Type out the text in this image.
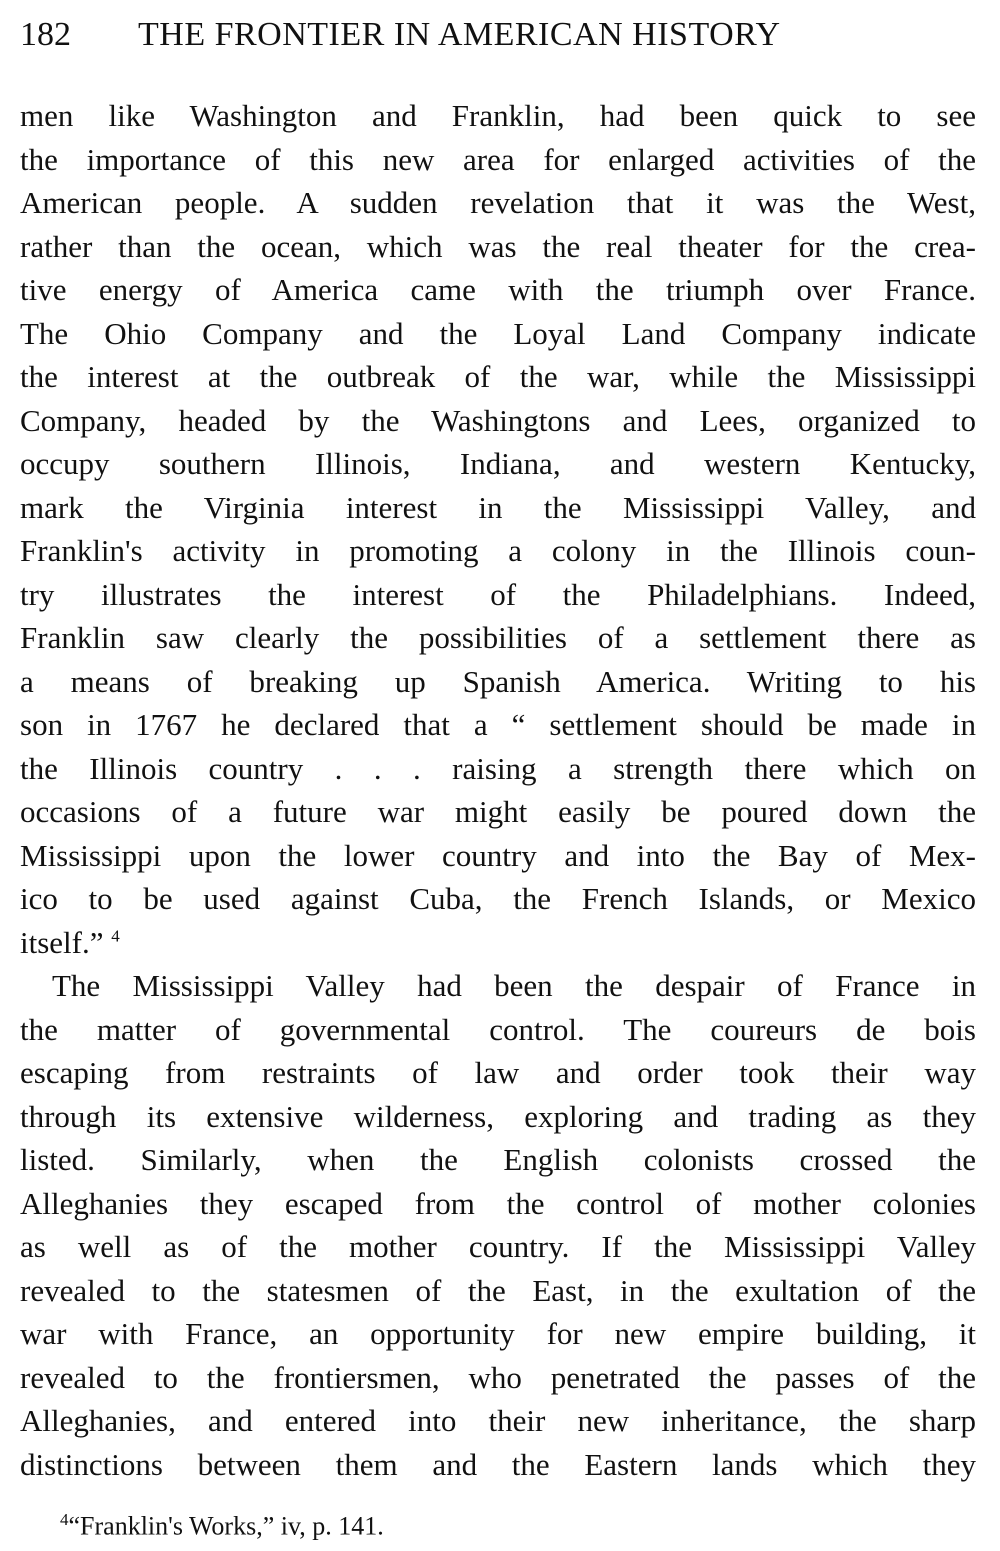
182 THE FRONTIER IN AMERICAN HISTORY
men like Washington and Franklin, had been quick to see
the importance of this new area for enlarged activities of the
American people. A sudden revelation that it was the West,
rather than the ocean, which was the real theater for the crea-
tive energy of America came with the triumph over France.
The Ohio Company and the Loyal Land Company indicate
the interest at the outbreak of the war, while the Mississippi
Company, headed by the Washingtons and Lees, organized to
occupy southern Illinois, Indiana, and western Kentucky,
mark the Virginia interest in the Mississippi Valley, and
Franklin's activity in promoting a colony in the Illinois coun-
try illustrates the interest of the Philadelphians. Indeed,
Franklin saw clearly the possibilities of a settlement there as
a means of breaking up Spanish America. Writing to his
son in 1767 he declared that a “ settlement should be made in
the Illinois country . . . raising a strength there which on
occasions of a future war might easily be poured down the
Mississippi upon the lower country and into the Bay of Mex-
ico to be used against Cuba, the French Islands, or Mexico
itself.” $^4$
The Mississippi Valley had been the despair of France in
the matter of governmental control. The coureurs de bois
escaping from restraints of law and order took their way
through its extensive wilderness, exploring and trading as they
listed. Similarly, when the English colonists crossed the
Alleghanies they escaped from the control of mother colonies
as well as of the mother country. If the Mississippi Valley
revealed to the statesmen of the East, in the exultation of the
war with France, an opportunity for new empire building, it
revealed to the frontiersmen, who penetrated the passes of the
Alleghanies, and entered into their new inheritance, the sharp
distinctions between them and the Eastern lands which they
$^4$“Franklin's Works,” iv, p. 141.
